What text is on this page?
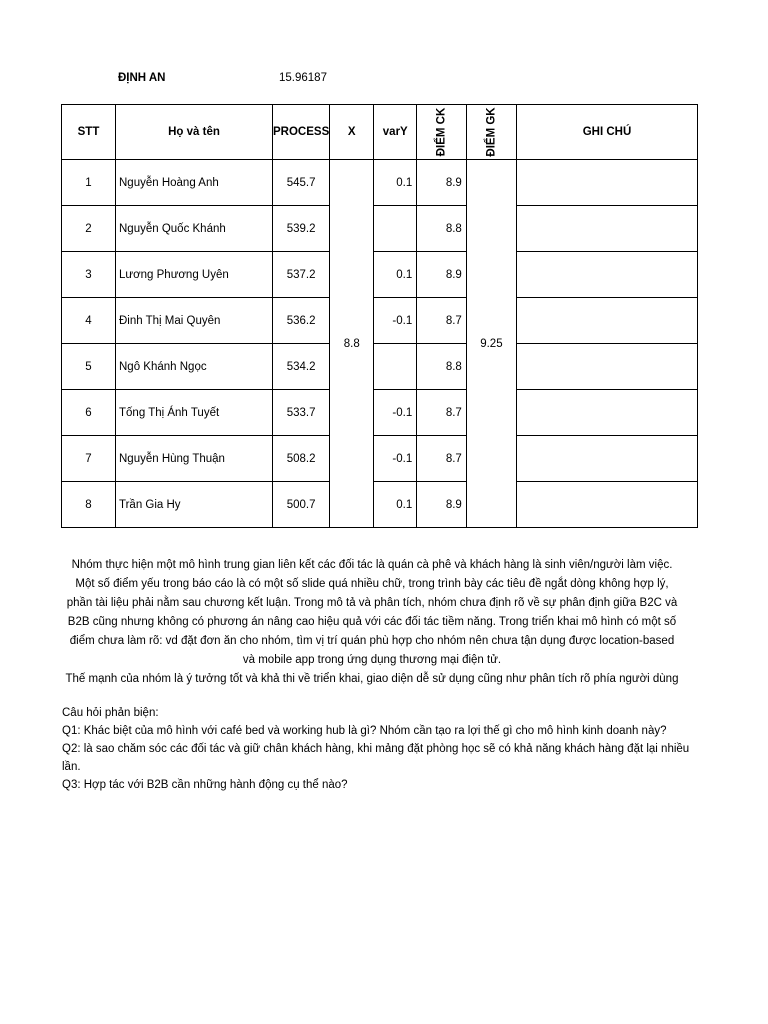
ĐỊNH AN	15.96187
STT	Họ và tên	PROCESS	X	varY	ĐIỂM CK	ĐIỂM GK	GHI CHÚ
1	Nguyễn Hoàng Anh	545.7	8.8	0.1	8.9	9.25	
2	Nguyễn Quốc Khánh	539.2			8.8		
3	Lương Phương Uyên	537.2		0.1	8.9		
4	Đinh Thị Mai Quyên	536.2		-0.1	8.7		
5	Ngô Khánh Ngọc	534.2			8.8		
6	Tống Thị Ánh Tuyết	533.7		-0.1	8.7		
7	Nguyễn Hùng Thuận	508.2		-0.1	8.7		
8	Trần Gia Hy	500.7		0.1	8.9		
Nhóm thực hiện một mô hình trung gian liên kết các đối tác là quán cà phê và khách hàng là sinh viên/người làm việc.
Một số điểm yếu trong báo cáo là có một số slide quá nhiều chữ, trong trình bày các tiêu đề ngắt dòng không hợp lý,
phần tài liệu phải nằm sau chương kết luận. Trong mô tả và phân tích, nhóm chưa định rõ về sự phân định giữa B2C và
B2B cũng nhưng không có phương án nâng cao hiệu quả với các đối tác tiềm năng. Trong triển khai mô hình có một số
điểm chưa làm rõ: vd đặt đơn ăn cho nhóm, tìm vị trí quán phù hợp cho nhóm nên chưa tận dụng được location-based
và mobile app trong ứng dụng thương mại điện tử.
Thế mạnh của nhóm là ý tưởng tốt và khả thi về triển khai, giao diện dễ sử dụng cũng như phân tích rõ phía người dùng
Câu hỏi phản biện:
Q1: Khác biệt của mô hình với café bed và working hub là gì? Nhóm cần tạo ra lợi thế gì cho mô hình kinh doanh này?
Q2: là sao chăm sóc các đối tác và giữ chân khách hàng, khi mảng đặt phòng học sẽ có khả năng khách hàng đặt lại nhiều
lần.
Q3: Hợp tác với B2B cần những hành động cụ thể nào?
